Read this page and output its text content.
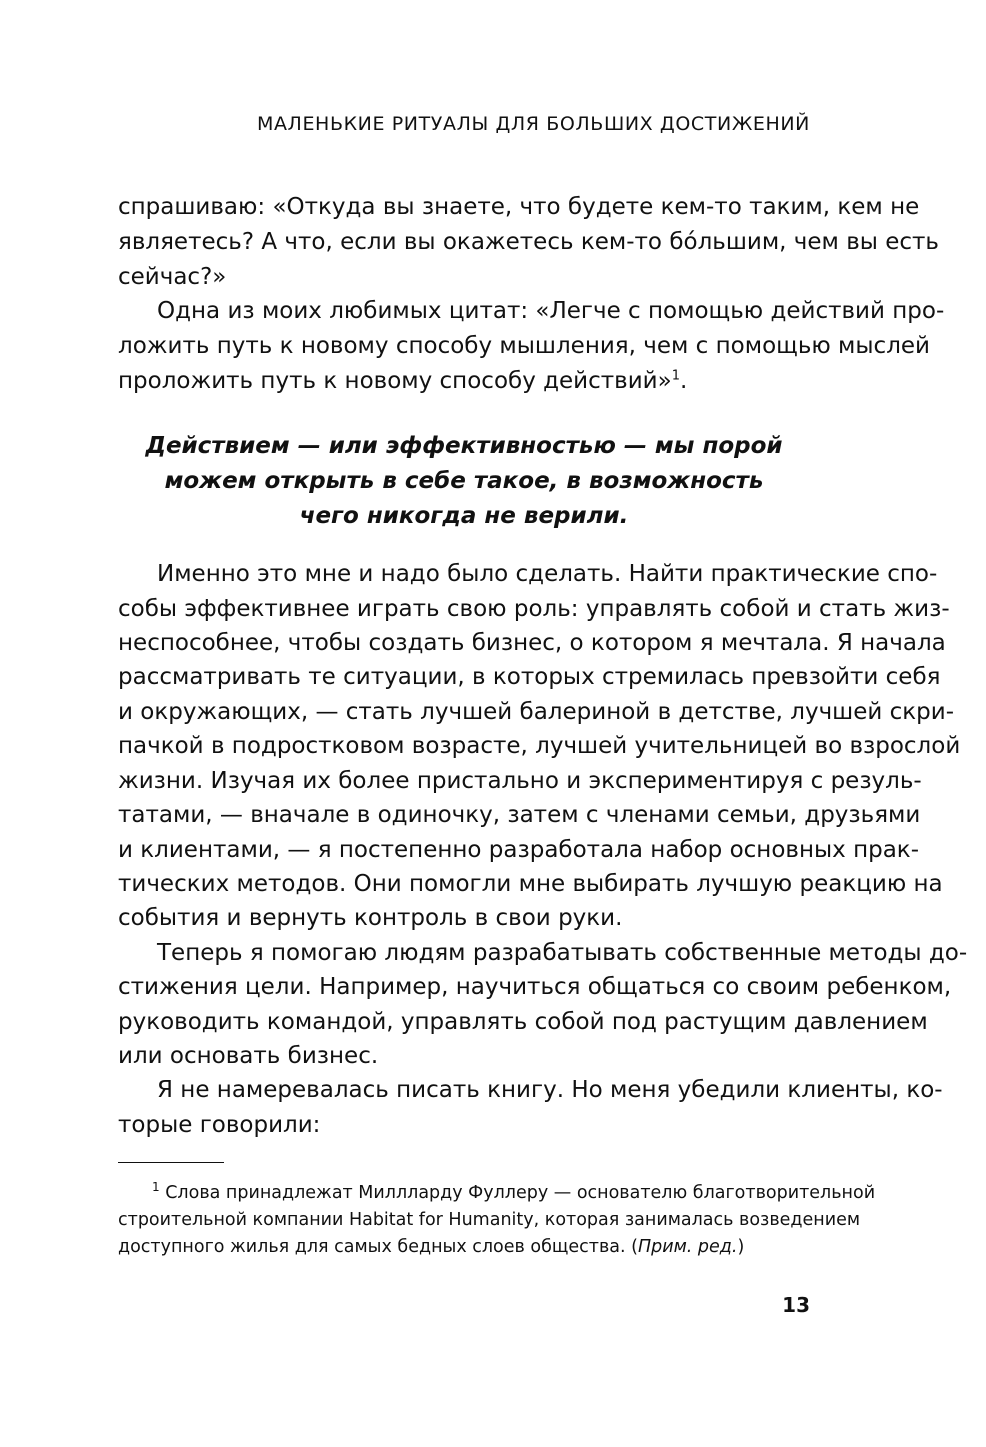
МАЛЕНЬКИЕ РИТУАЛЫ ДЛЯ БОЛЬШИХ ДОСТИЖЕНИЙ
спрашиваю: «Откуда вы знаете, что будете кем-то таким, кем не
являетесь? А что, если вы окажетесь кем-то бóльшим, чем вы есть
сейчас?»
Одна из моих любимых цитат: «Легче с помощью действий про-
ложить путь к новому способу мышления, чем с помощью мыслей
проложить путь к новому способу действий»$^1$.
Действием — или эффективностью — мы порой
можем открыть в себе такое, в возможность
чего никогда не верили.
Именно это мне и надо было сделать. Найти практические спо-
собы эффективнее играть свою роль: управлять собой и стать жиз-
неспособнее, чтобы создать бизнес, о котором я мечтала. Я начала
рассматривать те ситуации, в которых стремилась превзойти себя
и окружающих, — стать лучшей балериной в детстве, лучшей скри-
пачкой в подростковом возрасте, лучшей учительницей во взрослой
жизни. Изучая их более пристально и экспериментируя с резуль-
татами, — вначале в одиночку, затем с членами семьи, друзьями
и клиентами, — я постепенно разработала набор основных прак-
тических методов. Они помогли мне выбирать лучшую реакцию на
события и вернуть контроль в свои руки.
Теперь я помогаю людям разрабатывать собственные методы до-
стижения цели. Например, научиться общаться со своим ребенком,
руководить командой, управлять собой под растущим давлением
или основать бизнес.
Я не намеревалась писать книгу. Но меня убедили клиенты, ко-
торые говорили:
$^1$ Слова принадлежат Миллларду Фуллеру — основателю благотворительной
строительной компании Habitat for Humanity, которая занималась возведением
доступного жилья для самых бедных слоев общества. (Прим. ред.)
13
